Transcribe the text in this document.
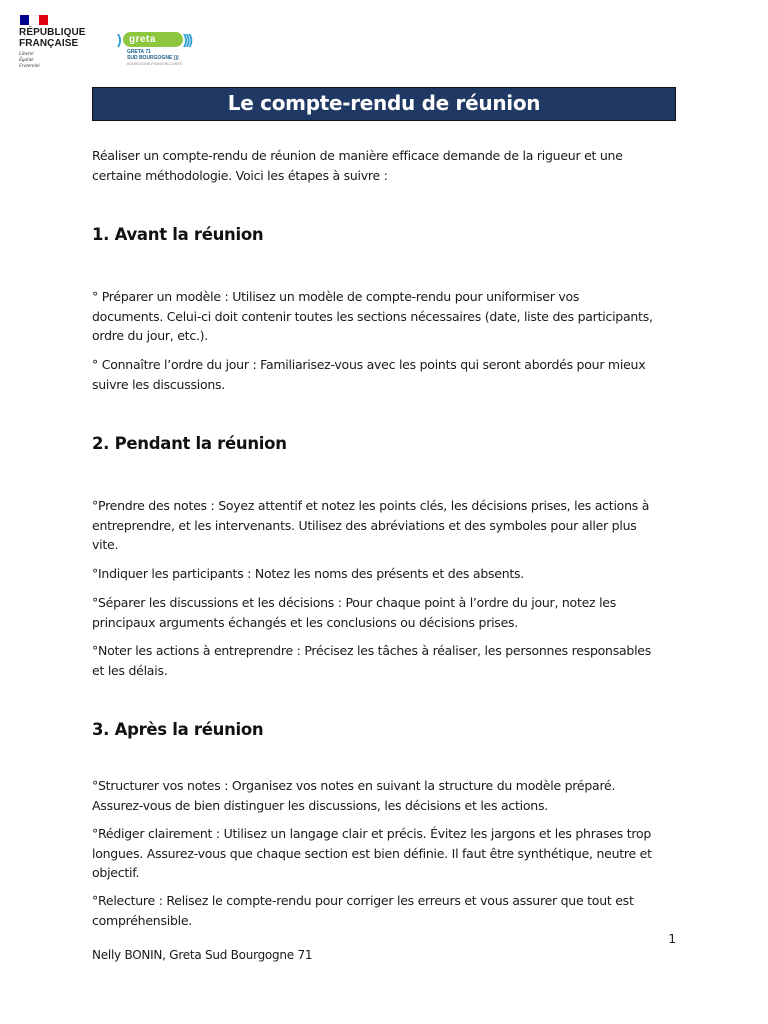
RÉPUBLIQUE
FRANÇAISE
Liberté
Égalité
Fraternité
) greta	)))
GRETA 71
SUD BOURGOGNE )))
BOURGOGNE-FRANCHE-COMTÉ
Le compte-rendu de réunion
Réaliser un compte-rendu de réunion de manière efficace demande de la rigueur et une
certaine méthodologie. Voici les étapes à suivre :
1. Avant la réunion
° Préparer un modèle : Utilisez un modèle de compte-rendu pour uniformiser vos
documents. Celui-ci doit contenir toutes les sections nécessaires (date, liste des participants,
ordre du jour, etc.).
° Connaître l’ordre du jour : Familiarisez-vous avec les points qui seront abordés pour mieux
suivre les discussions.
2. Pendant la réunion
°Prendre des notes : Soyez attentif et notez les points clés, les décisions prises, les actions à
entreprendre, et les intervenants. Utilisez des abréviations et des symboles pour aller plus
vite.
°Indiquer les participants : Notez les noms des présents et des absents.
°Séparer les discussions et les décisions : Pour chaque point à l’ordre du jour, notez les
principaux arguments échangés et les conclusions ou décisions prises.
°Noter les actions à entreprendre : Précisez les tâches à réaliser, les personnes responsables
et les délais.
3. Après la réunion
°Structurer vos notes : Organisez vos notes en suivant la structure du modèle préparé.
Assurez-vous de bien distinguer les discussions, les décisions et les actions.
°Rédiger clairement : Utilisez un langage clair et précis. Évitez les jargons et les phrases trop
longues. Assurez-vous que chaque section est bien définie. Il faut être synthétique, neutre et
objectif.
°Relecture : Relisez le compte-rendu pour corriger les erreurs et vous assurer que tout est
compréhensible.
1
Nelly BONIN, Greta Sud Bourgogne 71
